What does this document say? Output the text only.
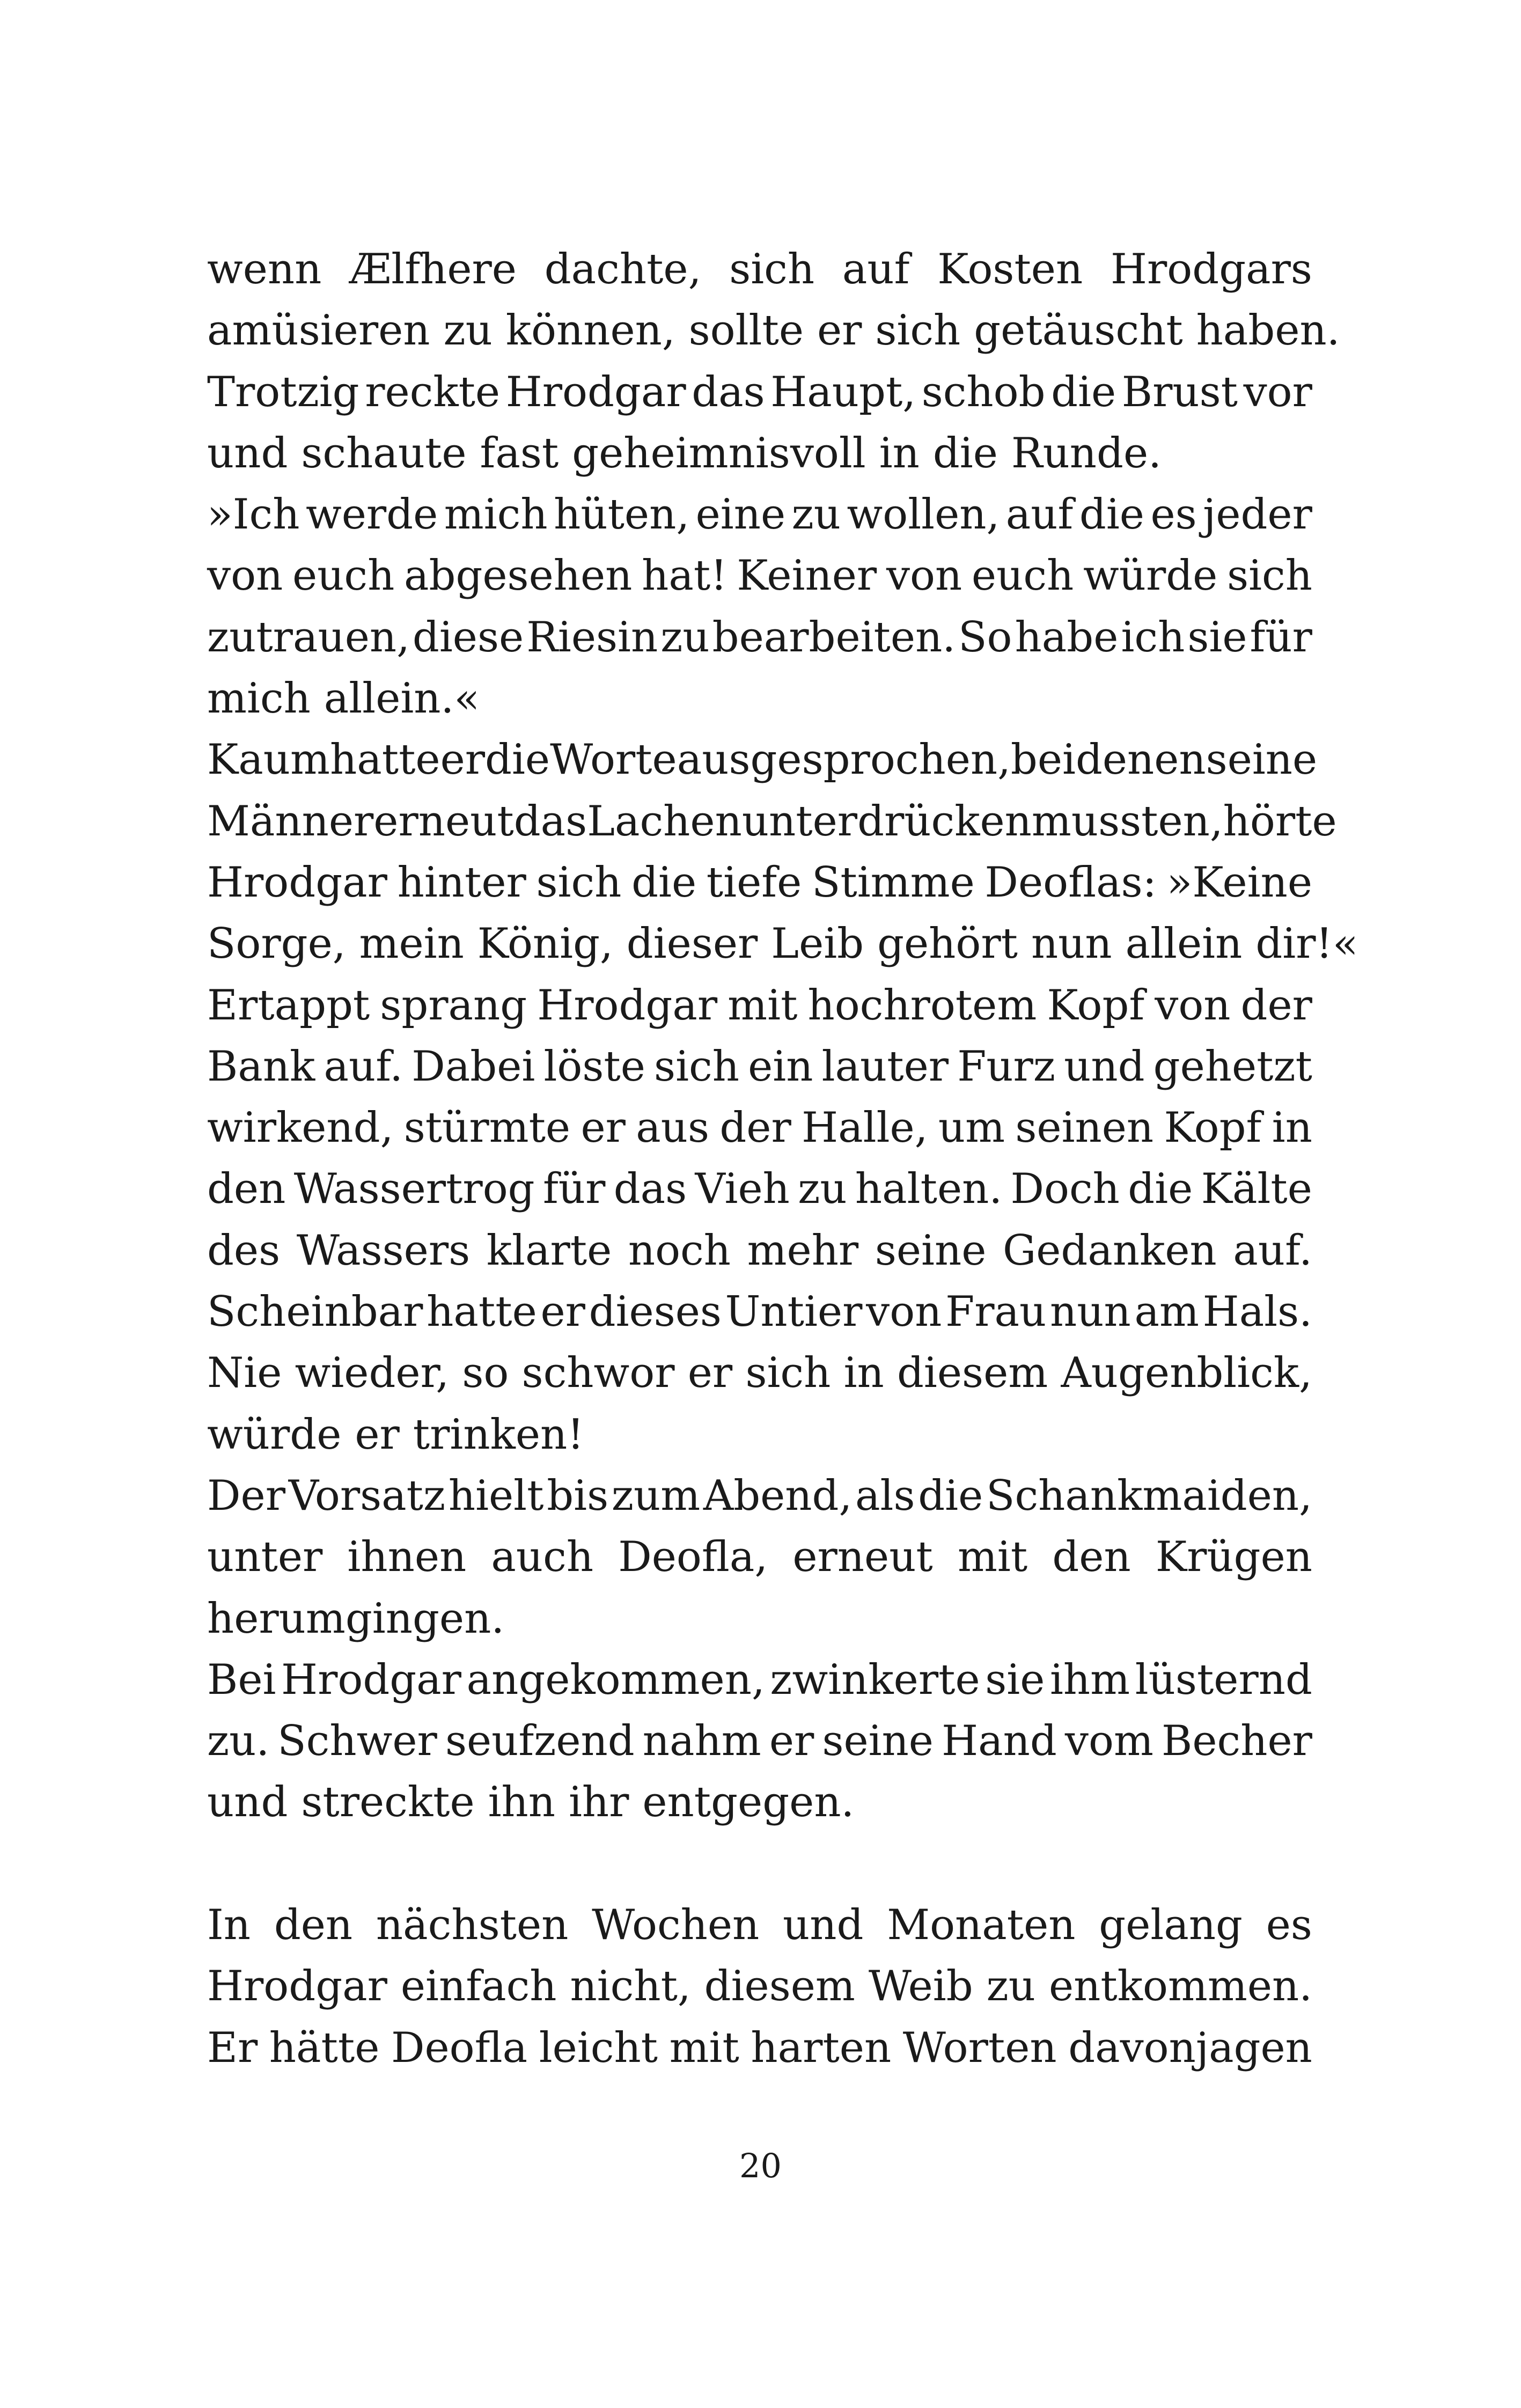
wenn Ælfhere dachte, sich auf Kosten Hrodgars
amüsieren zu können, sollte er sich getäuscht haben.
Trotzig reckte Hrodgar das Haupt, schob die Brust vor
und schaute fast geheimnisvoll in die Runde.
»Ich werde mich hüten, eine zu wollen, auf die es jeder
von euch abgesehen hat! Keiner von euch würde sich
zutrauen, diese Riesin zu bearbeiten. So habe ich sie für
mich allein.«
Kaum hatte er die Worte ausgesprochen, bei denen seine
Männer erneut das Lachen unterdrücken mussten, hörte
Hrodgar hinter sich die tiefe Stimme Deoflas: »Keine
Sorge, mein König, dieser Leib gehört nun allein dir!«
Ertappt sprang Hrodgar mit hochrotem Kopf von der
Bank auf. Dabei löste sich ein lauter Furz und gehetzt
wirkend, stürmte er aus der Halle, um seinen Kopf in
den Wassertrog für das Vieh zu halten. Doch die Kälte
des Wassers klarte noch mehr seine Gedanken auf.
Scheinbar hatte er dieses Untier von Frau nun am Hals.
Nie wieder, so schwor er sich in diesem Augenblick,
würde er trinken!
Der Vorsatz hielt bis zum Abend, als die Schankmaiden,
unter ihnen auch Deofla, erneut mit den Krügen
herumgingen.
Bei Hrodgar angekommen, zwinkerte sie ihm lüsternd
zu. Schwer seufzend nahm er seine Hand vom Becher
und streckte ihn ihr entgegen.
In den nächsten Wochen und Monaten gelang es
Hrodgar einfach nicht, diesem Weib zu entkommen.
Er hätte Deofla leicht mit harten Worten davonjagen
20
